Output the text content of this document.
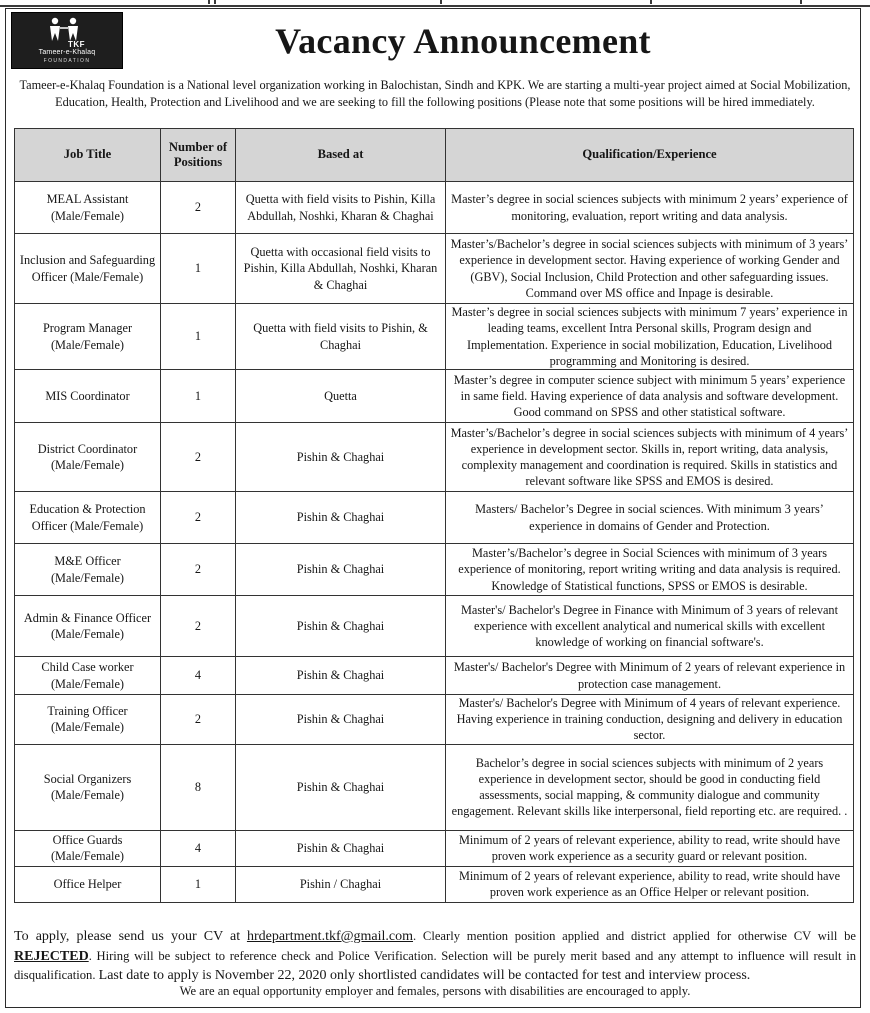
TKF
Tameer-e-Khalaq
FOUNDATION	Vacancy Announcement

Tameer-e-Khalaq Foundation is a National level organization working in Balochistan, Sindh and KPK. We are starting a multi-year project aimed at Social Mobilization, Education, Health, Protection and Livelihood and we are seeking to fill the following positions (Please note that some positions will be hired immediately.

Job Title	Number of Positions	Based at	Qualification/Experience
MEAL Assistant (Male/Female)	2	Quetta with field visits to Pishin, Killa Abdullah, Noshki, Kharan & Chaghai	Master’s degree in social sciences subjects with minimum 2 years’ experience of monitoring, evaluation, report writing and data analysis.
Inclusion and Safeguarding Officer (Male/Female)	1	Quetta with occasional field visits to Pishin, Killa Abdullah, Noshki, Kharan & Chaghai	Master’s/Bachelor’s degree in social sciences subjects with minimum of 3 years’ experience in development sector. Having experience of working Gender and (GBV), Social Inclusion, Child Protection and other safeguarding issues. Command over MS office and Inpage is desirable.
Program Manager (Male/Female)	1	Quetta with field visits to Pishin, & Chaghai	Master’s degree in social sciences subjects with minimum 7 years’ experience in leading teams, excellent Intra Personal skills, Program design and Implementation. Experience in social mobilization, Education, Livelihood programming and Monitoring is desired.
MIS Coordinator	1	Quetta	Master’s degree in computer science subject with minimum 5 years’ experience in same field. Having experience of data analysis and software development. Good command on SPSS and other statistical software.
District Coordinator (Male/Female)	2	Pishin & Chaghai	Master’s/Bachelor’s degree in social sciences subjects with minimum of 4 years’ experience in development sector. Skills in, report writing, data analysis, complexity management and coordination is required. Skills in statistics and relevant software like SPSS and EMOS is desired.
Education & Protection Officer (Male/Female)	2	Pishin & Chaghai	Masters/ Bachelor’s Degree in social sciences. With minimum 3 years’ experience in domains of Gender and Protection.
M&E Officer (Male/Female)	2	Pishin & Chaghai	Master’s/Bachelor’s degree in Social Sciences with minimum of 3 years experience of monitoring, report writing writing and data analysis is required. Knowledge of Statistical functions, SPSS or EMOS is desirable.
Admin & Finance Officer (Male/Female)	2	Pishin & Chaghai	Master's/ Bachelor's Degree in Finance with Minimum of 3 years of relevant experience with excellent analytical and numerical skills with excellent knowledge of working on financial software's.
Child Case worker (Male/Female)	4	Pishin & Chaghai	Master's/ Bachelor's Degree with Minimum of 2 years of relevant experience in protection case management.
Training Officer (Male/Female)	2	Pishin & Chaghai	Master's/ Bachelor's Degree with Minimum of 4 years of relevant experience. Having experience in training conduction, designing and delivery in education sector.
Social Organizers (Male/Female)	8	Pishin & Chaghai	Bachelor’s degree in social sciences subjects with minimum of 2 years experience in development sector, should be good in conducting field assessments, social mapping, & community dialogue and community engagement. Relevant skills like interpersonal, field reporting etc. are required. .
Office Guards (Male/Female)	4	Pishin & Chaghai	Minimum of 2 years of relevant experience, ability to read, write should have proven work experience as a security guard or relevant position.
Office Helper	1	Pishin / Chaghai	Minimum of 2 years of relevant experience, ability to read, write should have proven work experience as an Office Helper or relevant position.

To apply, please send us your CV at hrdepartment.tkf@gmail.com. Clearly mention position applied and district applied for otherwise CV will be REJECTED. Hiring will be subject to reference check and Police Verification. Selection will be purely merit based and any attempt to influence will result in disqualification. Last date to apply is November 22, 2020 only shortlisted candidates will be contacted for test and interview process.

We are an equal opportunity employer and females, persons with disabilities are encouraged to apply.
